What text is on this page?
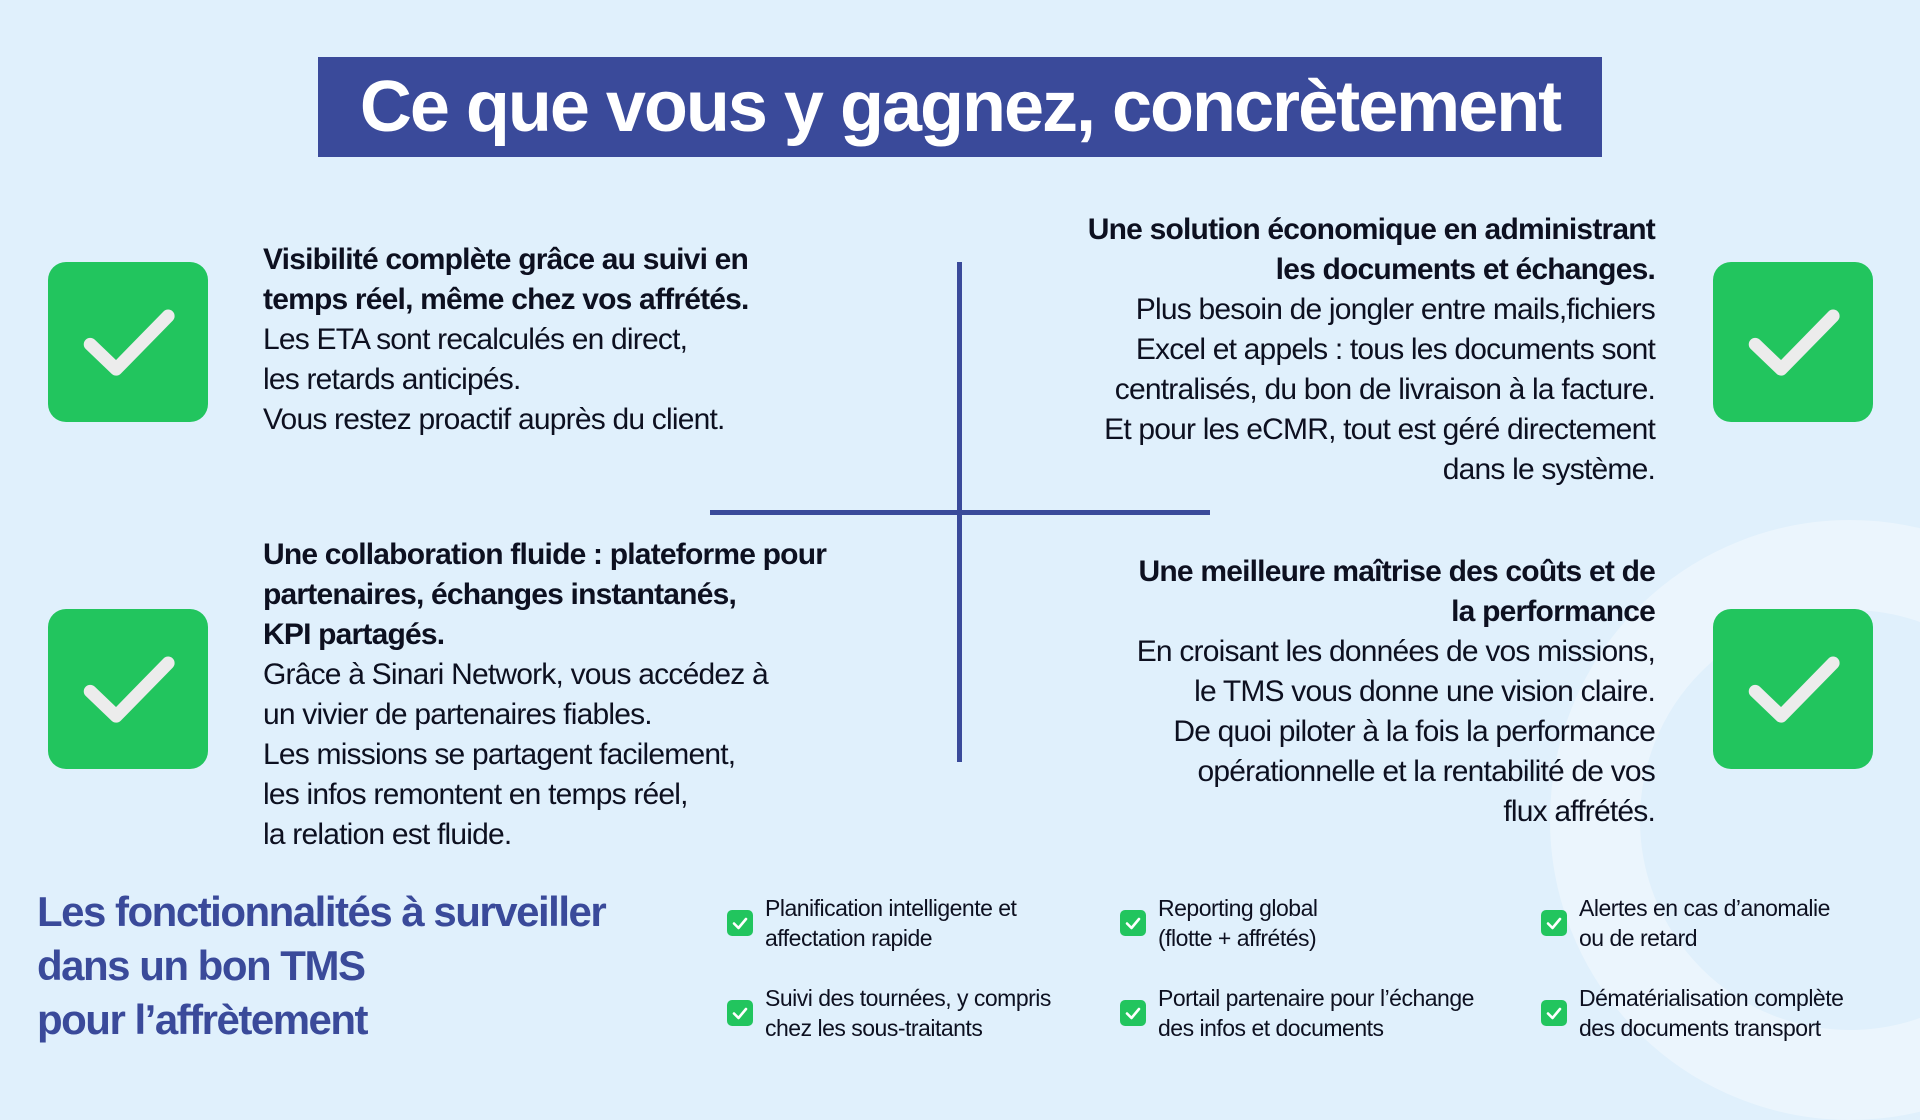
Ce que vous y gagnez, concrètement

Visibilité complète grâce au suivi en

temps réel, même chez vos affrétés.

Les ETA sont recalculés en direct,

les retards anticipés.

Vous restez proactif auprès du client.

Une solution économique en administrant

les documents et échanges.

Plus besoin de jongler entre mails,fichiers

Excel et appels : tous les documents sont

centralisés, du bon de livraison à la facture.

Et pour les eCMR, tout est géré directement

dans le système.

Une collaboration fluide : plateforme pour

partenaires, échanges instantanés,

KPI partagés.

Grâce à Sinari Network, vous accédez à

un vivier de partenaires fiables.

Les missions se partagent facilement,

les infos remontent en temps réel,

la relation est fluide.

Une meilleure maîtrise des coûts et de

la performance

En croisant les données de vos missions,

le TMS vous donne une vision claire.

De quoi piloter à la fois la performance

opérationnelle et la rentabilité de vos

flux affrétés.

Les fonctionnalités à surveiller
dans un bon TMS
pour l’affrètement
Planification intelligente et
affectation rapide
Reporting global
(flotte + affrétés)
Alertes en cas d’anomalie
ou de retard
Suivi des tournées, y compris
chez les sous-traitants
Portail partenaire pour l’échange
des infos et documents
Dématérialisation complète
des documents transport
